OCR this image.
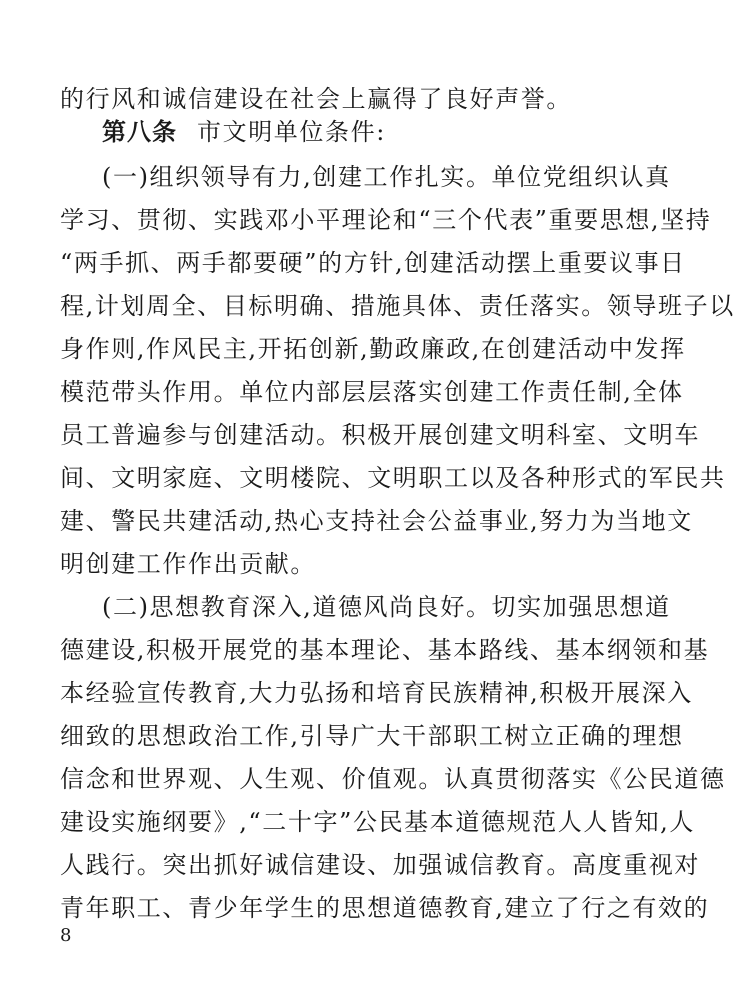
的行风和诚信建设在社会上赢得了良好声誉。
第八条 市文明单位条件:
(一)组织领导有力,创建工作扎实。单位党组织认真
学习、贯彻、实践邓小平理论和“三个代表”重要思想,坚持
“两手抓、两手都要硬”的方针,创建活动摆上重要议事日
程,计划周全、目标明确、措施具体、责任落实。领导班子以
身作则,作风民主,开拓创新,勤政廉政,在创建活动中发挥
模范带头作用。单位内部层层落实创建工作责任制,全体
员工普遍参与创建活动。积极开展创建文明科室、文明车
间、文明家庭、文明楼院、文明职工以及各种形式的军民共
建、警民共建活动,热心支持社会公益事业,努力为当地文
明创建工作作出贡献。
(二)思想教育深入,道德风尚良好。切实加强思想道
德建设,积极开展党的基本理论、基本路线、基本纲领和基
本经验宣传教育,大力弘扬和培育民族精神,积极开展深入
细致的思想政治工作,引导广大干部职工树立正确的理想
信念和世界观、人生观、价值观。认真贯彻落实《公民道德
建设实施纲要》,“二十字”公民基本道德规范人人皆知,人
人践行。突出抓好诚信建设、加强诚信教育。高度重视对
青年职工、青少年学生的思想道德教育,建立了行之有效的
8
